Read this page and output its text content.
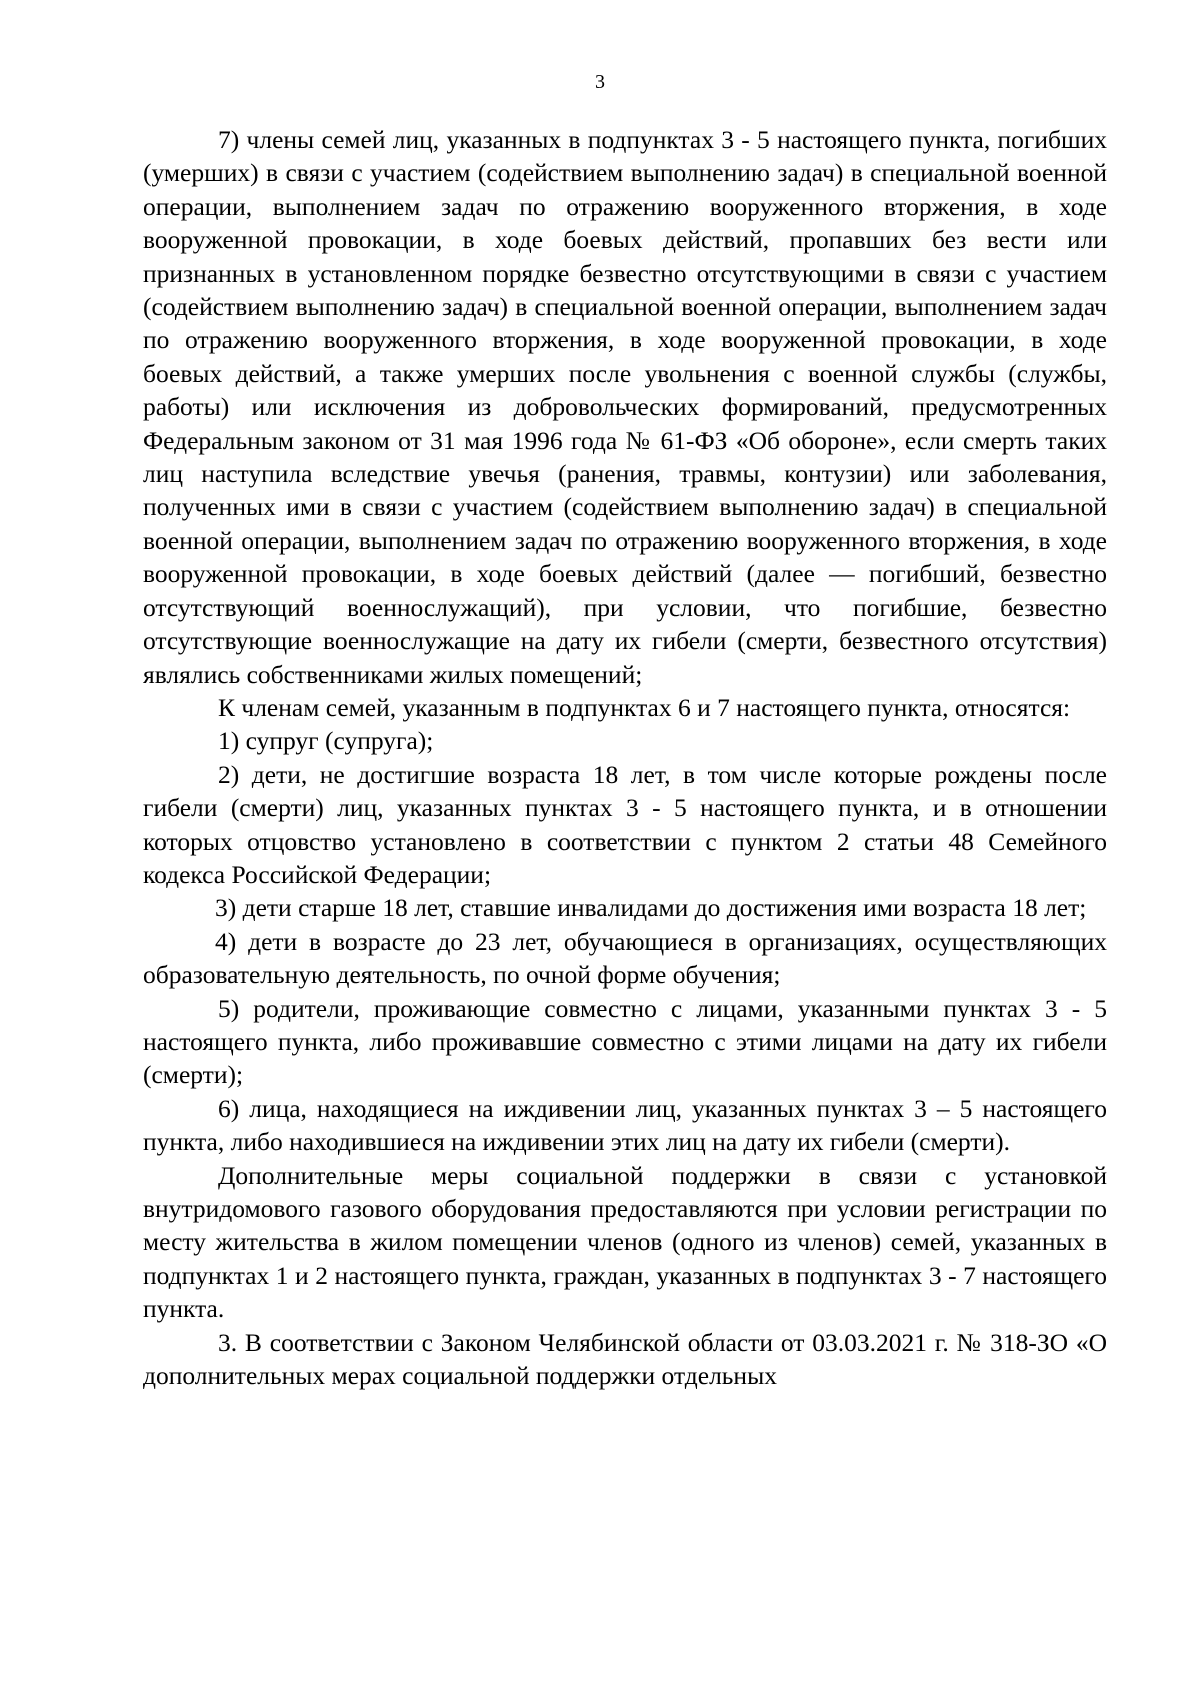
3

7) члены семей лиц, указанных в подпунктах 3 - 5 настоящего пункта, погибших (умерших) в связи с участием (содействием выполнению задач) в специальной военной операции, выполнением задач по отражению вооруженного вторжения, в ходе вооруженной провокации, в ходе боевых действий, пропавших без вести или признанных в установленном порядке безвестно отсутствующими в связи с участием (содействием выполнению задач) в специальной военной операции, выполнением задач по отражению вооруженного вторжения, в ходе вооруженной провокации, в ходе боевых действий, а также умерших после увольнения с военной службы (службы, работы) или исключения из добровольческих формирований, предусмотренных Федеральным законом от 31 мая 1996 года № 61-ФЗ «Об обороне», если смерть таких лиц наступила вследствие увечья (ранения, травмы, контузии) или заболевания, полученных ими в связи с участием (содействием выполнению задач) в специальной военной операции, выполнением задач по отражению вооруженного вторжения, в ходе вооруженной провокации, в ходе боевых действий (далее — погибший, безвестно отсутствующий военнослужащий), при условии, что погибшие, безвестно отсутствующие военнослужащие на дату их гибели (смерти, безвестного отсутствия) являлись собственниками жилых помещений;

К членам семей, указанным в подпунктах 6 и 7 настоящего пункта, относятся:

1) супруг (супруга);

2) дети, не достигшие возраста 18 лет, в том числе которые рождены после гибели (смерти) лиц, указанных пунктах 3 - 5 настоящего пункта, и в отношении которых отцовство установлено в соответствии с пунктом 2 статьи 48 Семейного кодекса Российской Федерации;

3) дети старше 18 лет, ставшие инвалидами до достижения ими возраста 18 лет;

4) дети в возрасте до 23 лет, обучающиеся в организациях, осуществляющих образовательную деятельность, по очной форме обучения;

5) родители, проживающие совместно с лицами, указанными пунктах 3 - 5 настоящего пункта, либо проживавшие совместно с этими лицами на дату их гибели (смерти);

6) лица, находящиеся на иждивении лиц, указанных пунктах 3 – 5 настоящего пункта, либо находившиеся на иждивении этих лиц на дату их гибели (смерти).

Дополнительные меры социальной поддержки в связи с установкой внутридомового газового оборудования предоставляются при условии регистрации по месту жительства в жилом помещении членов (одного из членов) семей, указанных в подпунктах 1 и 2 настоящего пункта, граждан, указанных в подпунктах 3 - 7 настоящего пункта.

3. В соответствии с Законом Челябинской области от 03.03.2021 г. № 318-ЗО «О дополнительных мерах социальной поддержки отдельных
